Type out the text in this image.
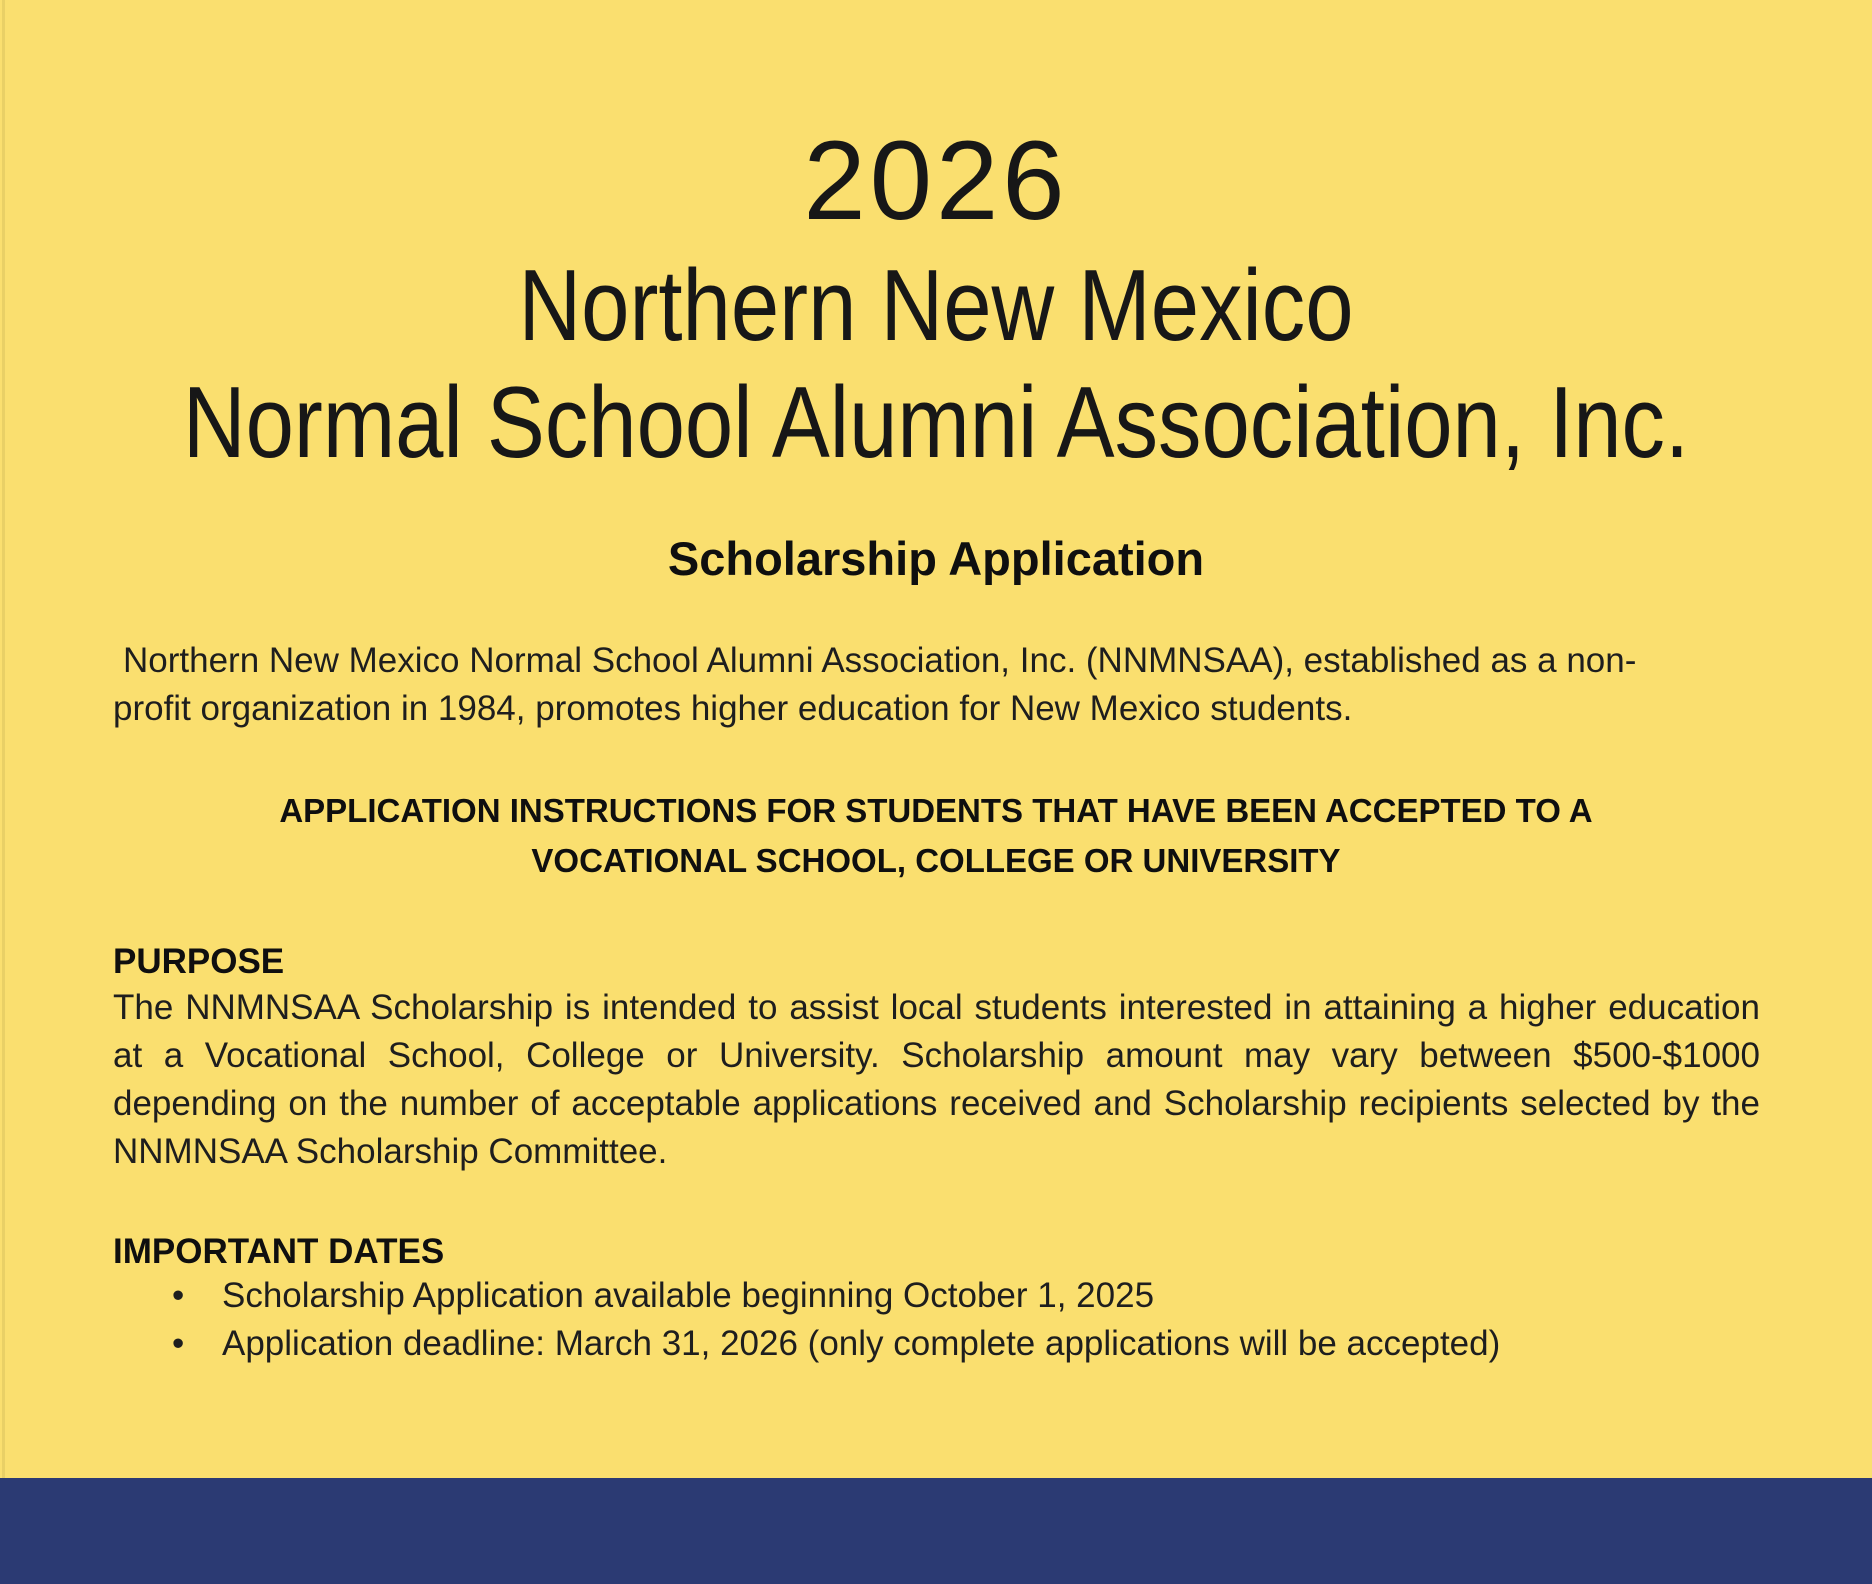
2026
Northern New Mexico
Normal School Alumni Association, Inc.
Scholarship Application

Northern New Mexico Normal School Alumni Association, Inc. (NNMNSAA), established as a non-profit organization in 1984, promotes higher education for New Mexico students.

APPLICATION INSTRUCTIONS FOR STUDENTS THAT HAVE BEEN ACCEPTED TO A
VOCATIONAL SCHOOL, COLLEGE OR UNIVERSITY
PURPOSE

The NNMNSAA Scholarship is intended to assist local students interested in attaining a higher education at a Vocational School, College or University. Scholarship amount may vary between $500-$1000 depending on the number of acceptable applications received and Scholarship recipients selected by the NNMNSAA Scholarship Committee.

IMPORTANT DATES
• Scholarship Application available beginning October 1, 2025
• Application deadline: March 31, 2026 (only complete applications will be accepted)
